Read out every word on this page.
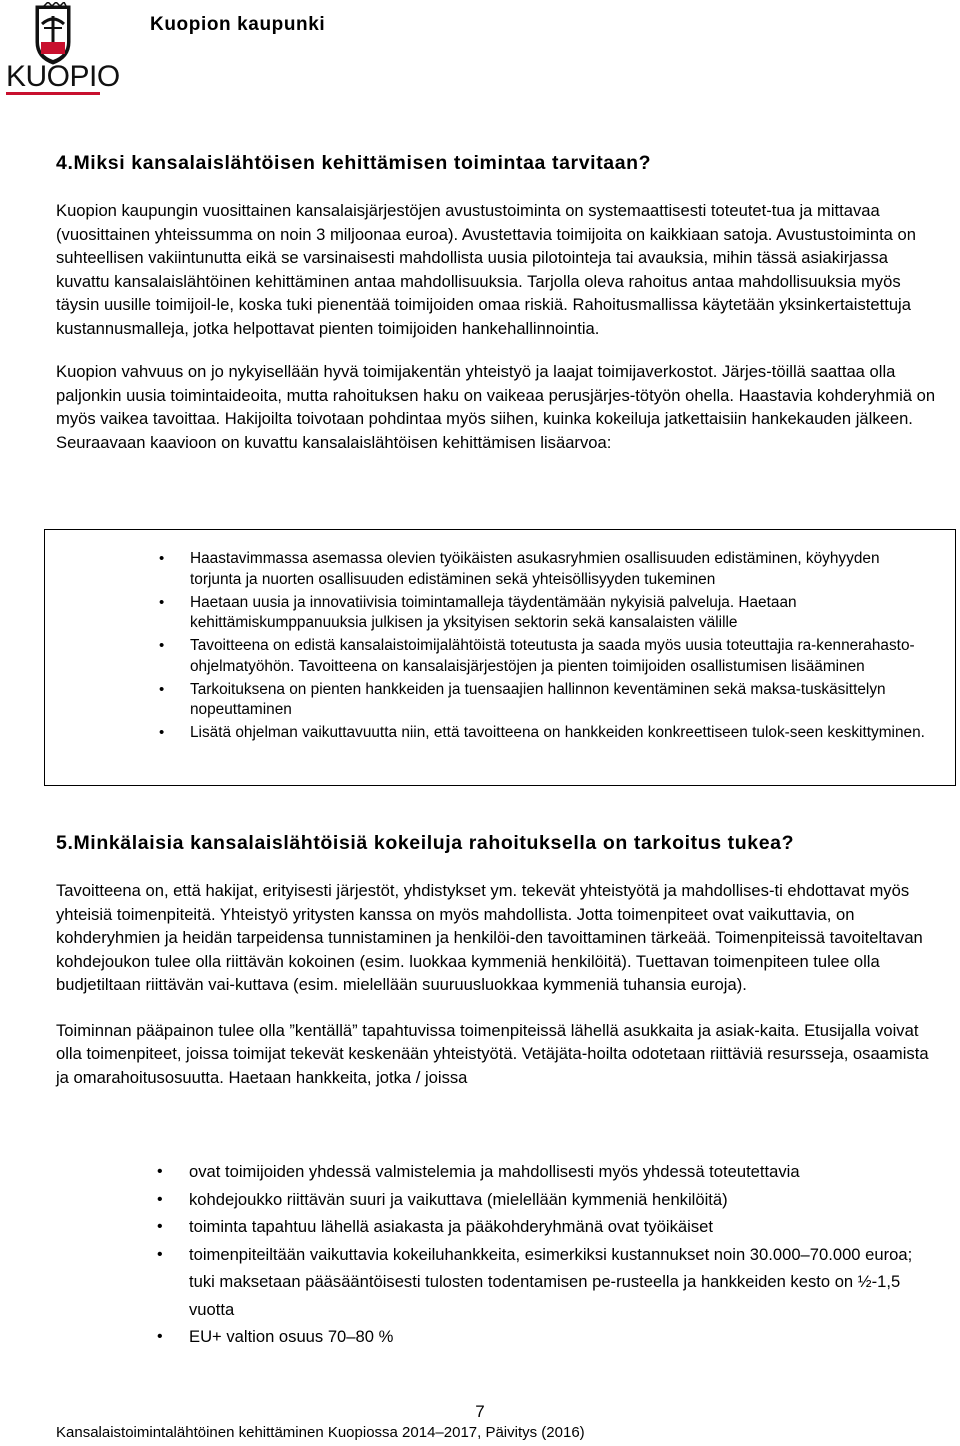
KUOPIO
Kuopion kaupunki
4.Miksi kansalaislähtöisen kehittämisen toimintaa tarvitaan?

Kuopion kaupungin vuosittainen kansalaisjärjestöjen avustustoiminta on systemaattisesti toteutet-tua ja mittavaa (vuosittainen yhteissumma on noin 3 miljoonaa euroa). Avustettavia toimijoita on kaikkiaan satoja. Avustustoiminta on suhteellisen vakiintunutta eikä se varsinaisesti mahdollista uusia pilotointeja tai avauksia, mihin tässä asiakirjassa kuvattu kansalaislähtöinen kehittäminen antaa mahdollisuuksia. Tarjolla oleva rahoitus antaa mahdollisuuksia myös täysin uusille toimijoil-le, koska tuki pienentää toimijoiden omaa riskiä. Rahoitusmallissa käytetään yksinkertaistettuja kustannusmalleja, jotka helpottavat pienten toimijoiden hankehallinnointia.

Kuopion vahvuus on jo nykyisellään hyvä toimijakentän yhteistyö ja laajat toimijaverkostot. Järjes-töillä saattaa olla paljonkin uusia toimintaideoita, mutta rahoituksen haku on vaikeaa perusjärjes-tötyön ohella. Haastavia kohderyhmiä on myös vaikea tavoittaa. Hakijoilta toivotaan pohdintaa myös siihen, kuinka kokeiluja jatkettaisiin hankekauden jälkeen. Seuraavaan kaavioon on kuvattu kansalaislähtöisen kehittämisen lisäarvoa:

• Haastavimmassa asemassa olevien työikäisten asukasryhmien osallisuuden edistäminen, köyhyyden torjunta ja nuorten osallisuuden edistäminen sekä yhteisöllisyyden tukeminen
• Haetaan uusia ja innovatiivisia toimintamalleja täydentämään nykyisiä palveluja. Haetaan kehittämiskumppanuuksia julkisen ja yksityisen sektorin sekä kansalaisten välille
• Tavoitteena on edistä kansalaistoimijalähtöistä toteutusta ja saada myös uusia toteuttajia ra-kennerahasto-ohjelmatyöhön. Tavoitteena on kansalaisjärjestöjen ja pienten toimijoiden osallistumisen lisääminen
• Tarkoituksena on pienten hankkeiden ja tuensaajien hallinnon keventäminen sekä maksa-tuskäsittelyn nopeuttaminen
• Lisätä ohjelman vaikuttavuutta niin, että tavoitteena on hankkeiden konkreettiseen tulok-seen keskittyminen.
5.Minkälaisia kansalaislähtöisiä kokeiluja rahoituksella on tarkoitus tukea?

Tavoitteena on, että hakijat, erityisesti järjestöt, yhdistykset ym. tekevät yhteistyötä ja mahdollises-ti ehdottavat myös yhteisiä toimenpiteitä. Yhteistyö yritysten kanssa on myös mahdollista. Jotta toimenpiteet ovat vaikuttavia, on kohderyhmien ja heidän tarpeidensa tunnistaminen ja henkilöi-den tavoittaminen tärkeää. Toimenpiteissä tavoiteltavan kohdejoukon tulee olla riittävän kokoinen (esim. luokkaa kymmeniä henkilöitä). Tuettavan toimenpiteen tulee olla budjetiltaan riittävän vai-kuttava (esim. mielellään suuruusluokkaa kymmeniä tuhansia euroja).

Toiminnan pääpainon tulee olla ”kentällä” tapahtuvissa toimenpiteissä lähellä asukkaita ja asiak-kaita. Etusijalla voivat olla toimenpiteet, joissa toimijat tekevät keskenään yhteistyötä. Vetäjäta-hoilta odotetaan riittäviä resursseja, osaamista ja omarahoitusosuutta. Haetaan hankkeita, jotka / joissa

• ovat toimijoiden yhdessä valmistelemia ja mahdollisesti myös yhdessä toteutettavia
• kohdejoukko riittävän suuri ja vaikuttava (mielellään kymmeniä henkilöitä)
• toiminta tapahtuu lähellä asiakasta ja pääkohderyhmänä ovat työikäiset
• toimenpiteiltään vaikuttavia kokeiluhankkeita, esimerkiksi kustannukset noin 30.000–70.000 euroa; tuki maksetaan pääsääntöisesti tulosten todentamisen pe-rusteella ja hankkeiden kesto on ½-1,5 vuotta
• EU+ valtion osuus 70–80 %
7
Kansalaistoimintalähtöinen kehittäminen Kuopiossa 2014–2017, Päivitys (2016)
